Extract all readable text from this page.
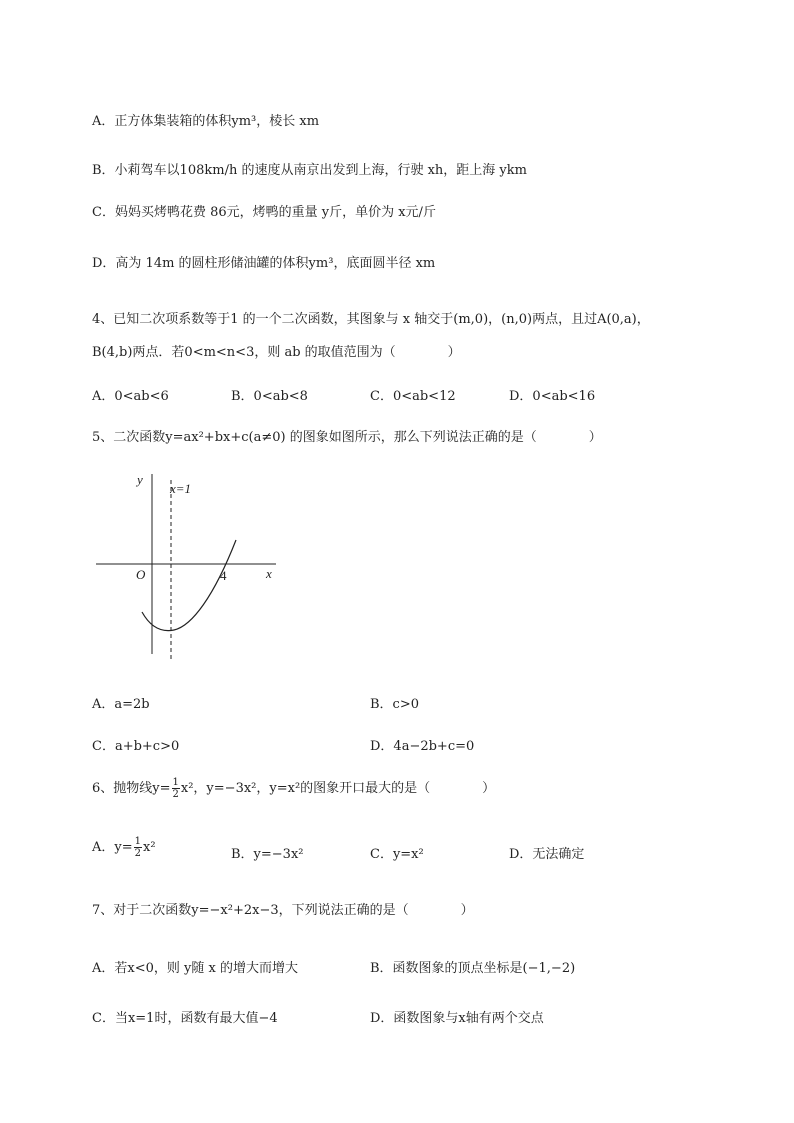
A．正方体集装箱的体积ym³，棱长 xm
B．小莉驾车以108km/h 的速度从南京出发到上海，行驶 xh，距上海 ykm
C．妈妈买烤鸭花费 86元，烤鸭的重量 y斤，单价为 x元/斤
D．高为 14m 的圆柱形储油罐的体积ym³，底面圆半径 xm
4、已知二次项系数等于1 的一个二次函数，其图象与 x 轴交于(m,0)，(n,0)两点，且过A(0,a)，
B(4,b)两点．若0<m<n<3，则 ab 的取值范围为（　　　　）
A．0<ab<6	B．0<ab<8	C．0<ab<12	D．0<ab<16
5、二次函数y=ax²+bx+c(a≠0) 的图象如图所示，那么下列说法正确的是（　　　　）
y
x=1
x
O	4
A．a=2b	B．c>0
C．a+b+c>0	D．4a−2b+c=0
6、抛物线$y= \frac{1}{2} x^2$，y=−3x²，y=x²的图象开口最大的是（　　　　）
A．$y= \frac{1}{2} x^2$	B．y=−3x²	C．y=x²	D．无法确定
7、对于二次函数y=−x²+2x−3，下列说法正确的是（　　　　）
A．若x<0，则 y随 x 的增大而增大	B．函数图象的顶点坐标是(−1,−2)
C．当x=1时，函数有最大值−4	D．函数图象与x轴有两个交点
